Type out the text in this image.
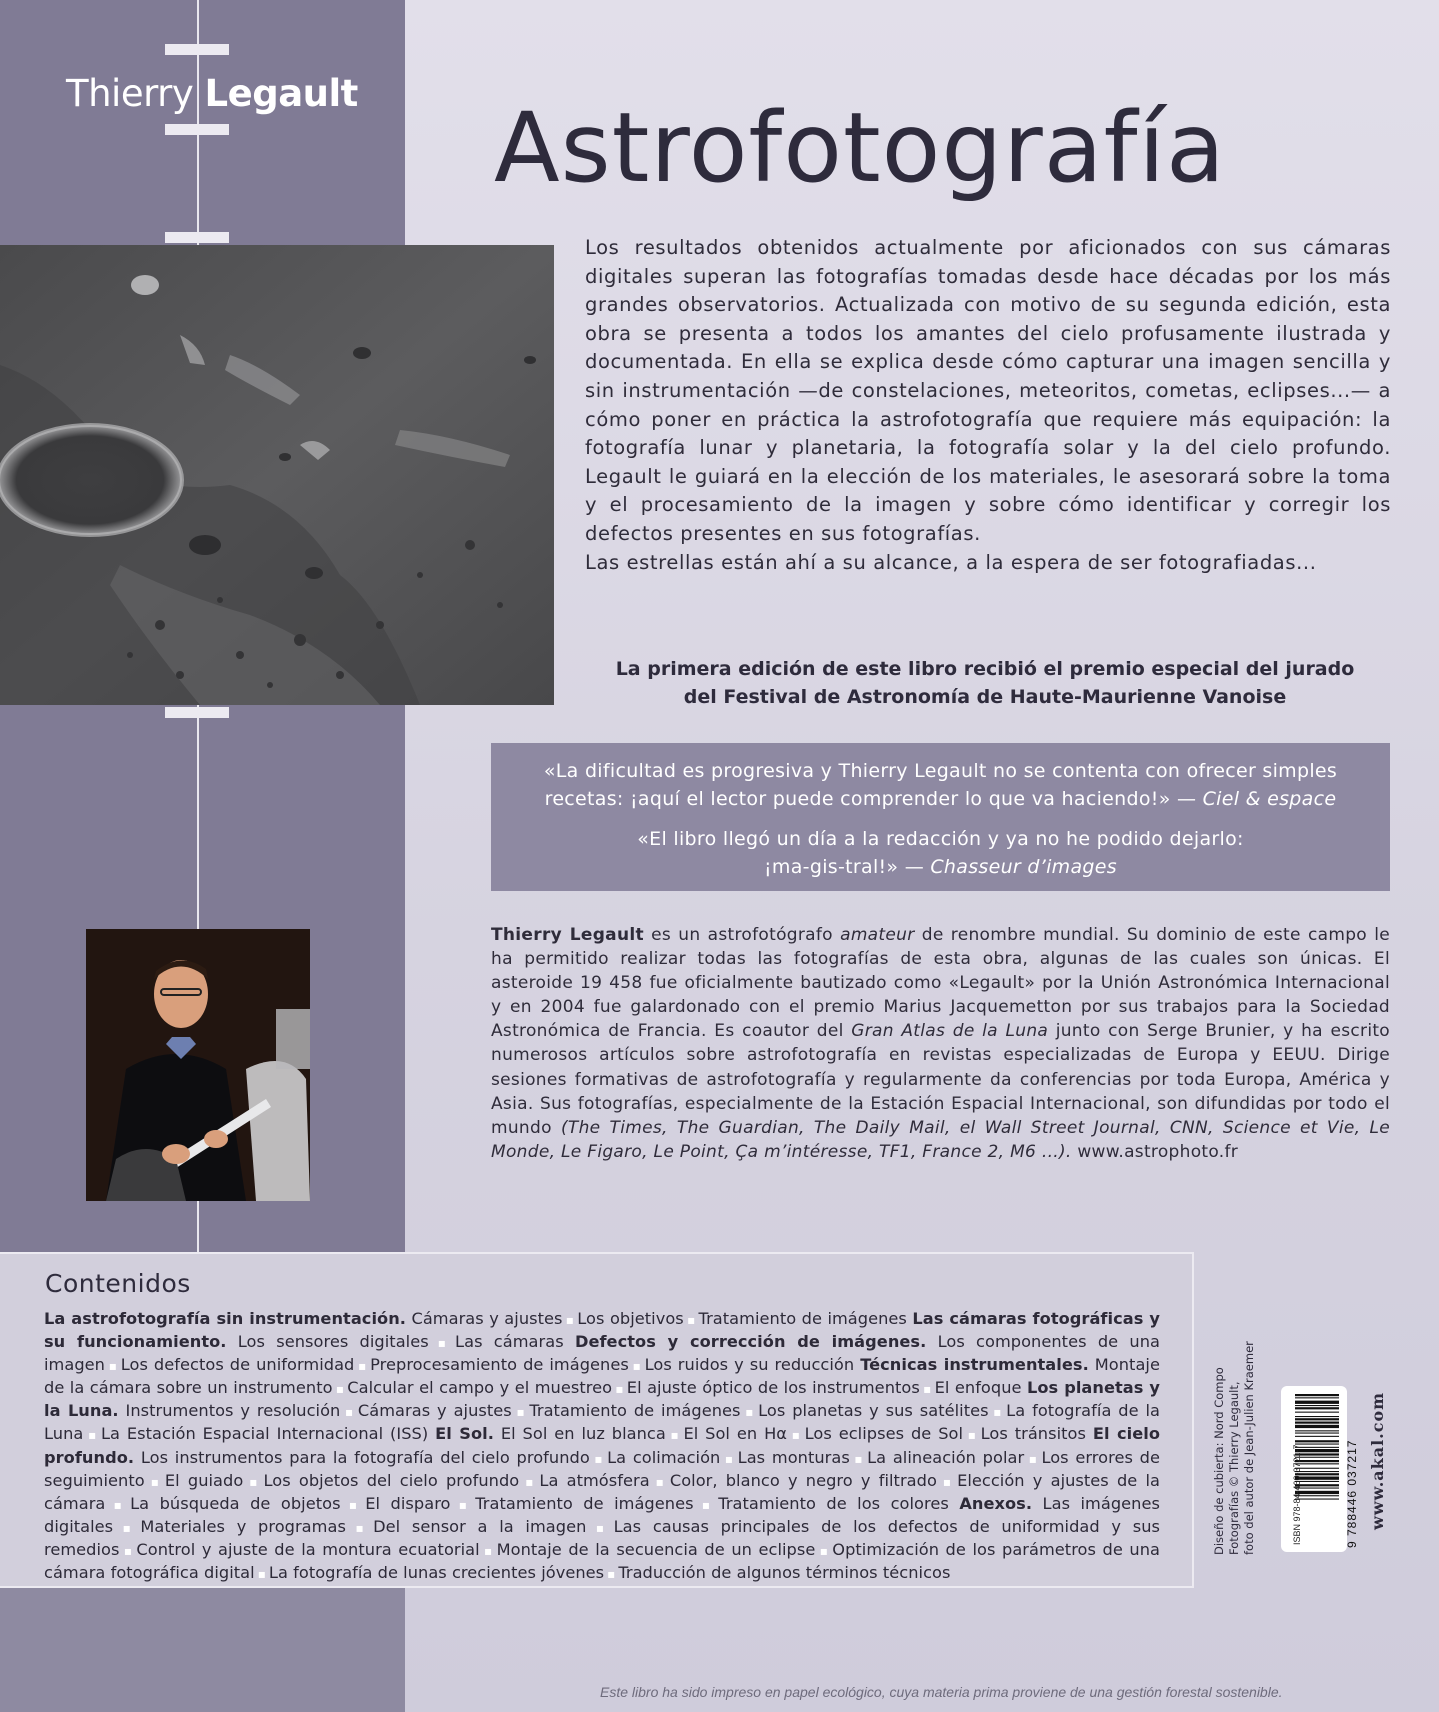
Thierry Legault Astrofotografía

Los resultados obtenidos actualmente por aficionados con sus cámaras digitales superan las fotografías tomadas desde hace décadas por los más grandes observatorios. Actualizada con motivo de su segunda edición, esta obra se presenta a todos los amantes del cielo profusamente ilustrada y documentada. En ella se explica desde cómo capturar una imagen sencilla y sin instrumentación —de constelaciones, meteoritos, cometas, eclipses...— a cómo poner en práctica la astrofotografía que requiere más equipación: la fotografía lunar y planetaria, la fotografía solar y la del cielo profundo. Legault le guiará en la elección de los materiales, le asesorará sobre la toma y el procesamiento de la imagen y sobre cómo identificar y corregir los defectos presentes en sus fotografías.

Las estrellas están ahí a su alcance, a la espera de ser fotografiadas...

La primera edición de este libro recibió el premio especial del jurado
del Festival de Astronomía de Haute-Maurienne Vanoise
«La dificultad es progresiva y Thierry Legault no se contenta con ofrecer simples
recetas: ¡aquí el lector puede comprender lo que va haciendo!» — Ciel & espace
«El libro llegó un día a la redacción y ya no he podido dejarlo:
¡ma-gis-tral!» — Chasseur d’images
Thierry Legault es un astrofotógrafo amateur de renombre mundial. Su dominio de este campo le ha permitido realizar todas las fotografías de esta obra, algunas de las cuales son únicas. El asteroide 19 458 fue oficialmente bautizado como «Legault» por la Unión Astronómica Internacional y en 2004 fue galardonado con el premio Marius Jacquemetton por sus trabajos para la Sociedad Astronómica de Francia. Es coautor del Gran Atlas de la Luna junto con Serge Brunier, y ha escrito numerosos artículos sobre astrofotografía en revistas especializadas de Europa y EEUU. Dirige sesiones formativas de astrofotografía y regularmente da conferencias por toda Europa, América y Asia. Sus fotografías, especialmente de la Estación Espacial Internacional, son difundidas por todo el mundo (The Times, The Guardian, The Daily Mail, el Wall Street Journal, CNN, Science et Vie, Le Monde, Le Figaro, Le Point, Ça m’intéresse, TF1, France 2, M6 ...). www.astrophoto.fr
Contenidos
La astrofotografía sin instrumentación. Cámaras y ajustes ▪ Los objetivos ▪ Tratamiento de imágenes Las cámaras fotográficas y su funcionamiento. Los sensores digitales ▪ Las cámaras Defectos y corrección de imágenes. Los componentes de una imagen ▪ Los defectos de uniformidad ▪ Preprocesamiento de imágenes ▪ Los ruidos y su reducción Técnicas instrumentales. Montaje de la cámara sobre un instrumento ▪ Calcular el campo y el muestreo ▪ El ajuste óptico de los instrumentos ▪ El enfoque Los planetas y la Luna. Instrumentos y resolución ▪ Cámaras y ajustes ▪ Tratamiento de imágenes ▪ Los planetas y sus satélites ▪ La fotografía de la Luna ▪ La Estación Espacial Internacional (ISS) El Sol. El Sol en luz blanca ▪ El Sol en Hα ▪ Los eclipses de Sol ▪ Los tránsitos El cielo profundo. Los instrumentos para la fotografía del cielo profundo ▪ La colimación ▪ Las monturas ▪ La alineación polar ▪ Los errores de seguimiento ▪ El guiado ▪ Los objetos del cielo profundo ▪ La atmósfera ▪ Color, blanco y negro y filtrado ▪ Elección y ajustes de la cámara ▪ La búsqueda de objetos ▪ El disparo ▪ Tratamiento de imágenes ▪ Tratamiento de los colores Anexos. Las imágenes digitales ▪ Materiales y programas ▪ Del sensor a la imagen ▪ Las causas principales de los defectos de uniformidad y sus remedios ▪ Control y ajuste de la montura ecuatorial ▪ Montaje de la secuencia de un eclipse ▪ Optimización de los parámetros de una cámara fotográfica digital ▪ La fotografía de lunas crecientes jóvenes ▪ Traducción de algunos términos técnicos
Diseño de cubierta: Nord Compo Fotografías © Thierry Legault, foto del autor de Jean-Julien Kraemer	ISBN 978-84-460-3721-7	9 788446 037217 www.akal.com
Este libro ha sido impreso en papel ecológico, cuya materia prima proviene de una gestión forestal sostenible.
